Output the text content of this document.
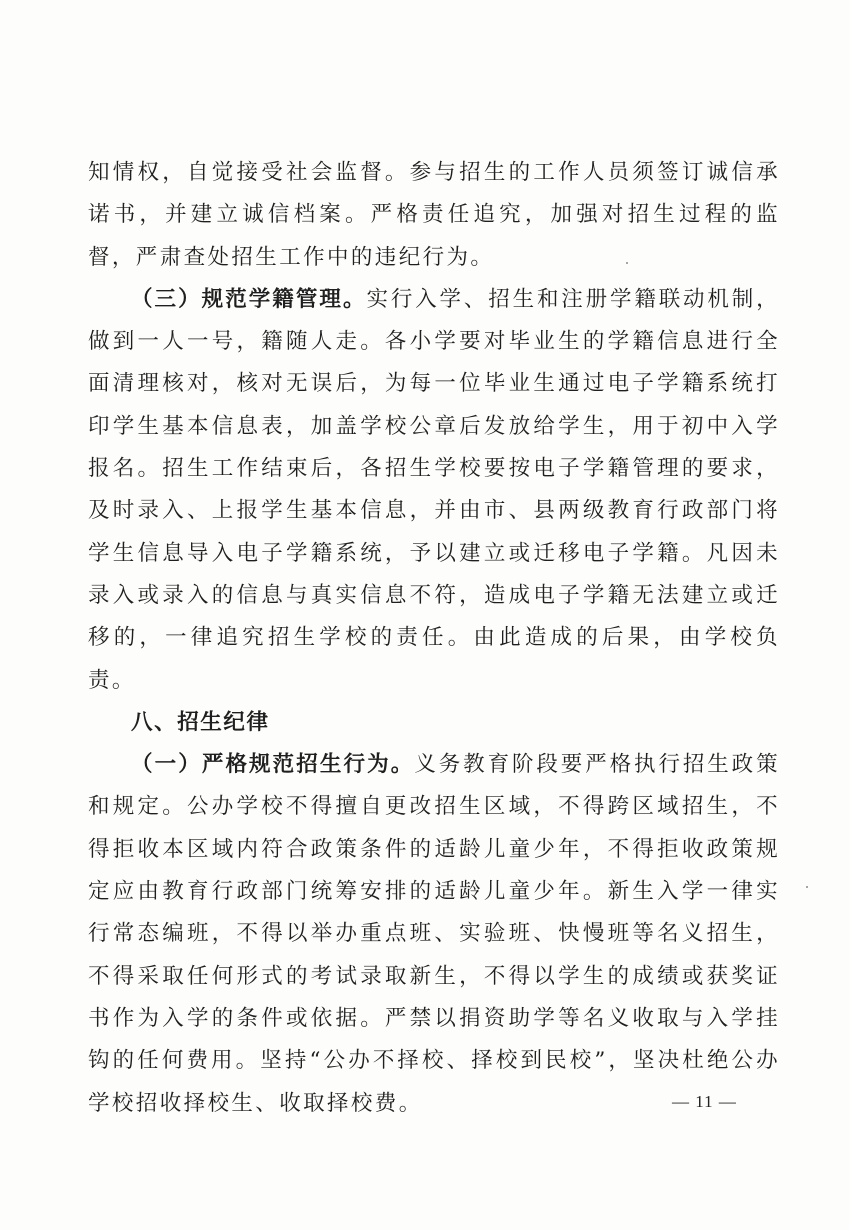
知情权，自觉接受社会监督。参与招生的工作人员须签订诚信承诺书，并建立诚信档案。严格责任追究，加强对招生过程的监督，严肃查处招生工作中的违纪行为。

（三）规范学籍管理。实行入学、招生和注册学籍联动机制，做到一人一号，籍随人走。各小学要对毕业生的学籍信息进行全面清理核对，核对无误后，为每一位毕业生通过电子学籍系统打印学生基本信息表，加盖学校公章后发放给学生，用于初中入学报名。招生工作结束后，各招生学校要按电子学籍管理的要求，及时录入、上报学生基本信息，并由市、县两级教育行政部门将学生信息导入电子学籍系统，予以建立或迁移电子学籍。凡因未录入或录入的信息与真实信息不符，造成电子学籍无法建立或迁移的，一律追究招生学校的责任。由此造成的后果，由学校负责。

八、招生纪律

（一）严格规范招生行为。义务教育阶段要严格执行招生政策和规定。公办学校不得擅自更改招生区域，不得跨区域招生，不得拒收本区域内符合政策条件的适龄儿童少年，不得拒收政策规定应由教育行政部门统筹安排的适龄儿童少年。新生入学一律实行常态编班，不得以举办重点班、实验班、快慢班等名义招生，不得采取任何形式的考试录取新生，不得以学生的成绩或获奖证书作为入学的条件或依据。严禁以捐资助学等名义收取与入学挂钩的任何费用。坚持“公办不择校、择校到民校”，坚决杜绝公办学校招收择校生、收取择校费。	— 11 —
